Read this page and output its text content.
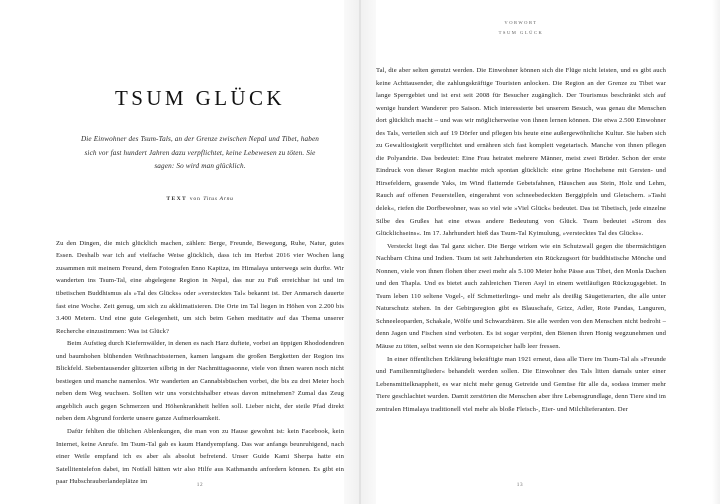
TSUM GLÜCK
Die Einwohner des Tsum-Tals, an der Grenze zwischen Nepal und Tibet, haben sich vor fast hundert Jahren dazu verpflichtet, keine Lebewesen zu töten. Sie sagen: So wird man glücklich.
TEXT von Titus Arnu

Zu den Dingen, die mich glücklich machen, zählen: Berge, Freunde, Bewegung, Ruhe, Natur, gutes Essen. Deshalb war ich auf vielfache Weise glücklich, dass ich im Herbst 2016 vier Wochen lang zusammen mit meinem Freund, dem Fotografen Enno Kapitza, im Himalaya unterwegs sein durfte. Wir wanderten ins Tsum-Tal, eine abgelegene Region in Nepal, das nur zu Fuß erreichbar ist und im tibetischen Buddhismus als »Tal des Glücks« oder »verstecktes Tal« bekannt ist. Der Anmarsch dauerte fast eine Woche. Zeit genug, um sich zu akklimatisieren. Die Orte im Tal liegen in Höhen von 2.200 bis 3.400 Metern. Und eine gute Gelegenheit, um sich beim Gehen meditativ auf das Thema unserer Recherche einzustimmen: Was ist Glück?

Beim Aufstieg durch Kiefernwälder, in denen es nach Harz duftete, vorbei an üppigen Rhododendren und baumhohen blühenden Weihnachtssternen, kamen langsam die großen Bergketten der Region ins Blickfeld. Siebentausender glitzerten silbrig in der Nachmittagssonne, viele von ihnen waren noch nicht bestiegen und manche namenlos. Wir wanderten an Cannabisbüschen vorbei, die bis zu drei Meter hoch neben dem Weg wuchsen. Sollten wir uns vorsichtshalber etwas davon mitnehmen? Zumal das Zeug angeblich auch gegen Schmerzen und Höhenkrankheit helfen soll. Lieber nicht, der steile Pfad direkt neben dem Abgrund forderte unsere ganze Aufmerksamkeit.

Dafür fehlten die üblichen Ablenkungen, die man von zu Hause gewohnt ist: kein Facebook, kein Internet, keine Anrufe. Im Tsum-Tal gab es kaum Handyempfang. Das war anfangs beunruhigend, nach einer Weile empfand ich es aber als absolut befreiend. Unser Guide Kami Sherpa hatte ein Satellitentelefon dabei, im Notfall hätten wir also Hilfe aus Kathmandu anfordern können. Es gibt ein paar Hubschrauberlandeplätze im	12
VORWORT
TSUM GLÜCK

Tal, die aber selten genutzt werden. Die Einwohner können sich die Flüge nicht leisten, und es gibt auch keine Achttausender, die zahlungskräftige Touristen anlocken. Die Region an der Grenze zu Tibet war lange Sperrgebiet und ist erst seit 2008 für Besucher zugänglich. Der Tourismus beschränkt sich auf wenige hundert Wanderer pro Saison. Mich interessierte bei unserem Besuch, was genau die Menschen dort glücklich macht – und was wir möglicherweise von ihnen lernen können. Die etwa 2.500 Einwohner des Tals, verteilen sich auf 19 Dörfer und pflegen bis heute eine außergewöhnliche Kultur. Sie haben sich zu Gewaltlosigkeit verpflichtet und ernähren sich fast komplett vegetarisch. Manche von ihnen pflegen die Polyandrie. Das bedeutet: Eine Frau heiratet mehrere Männer, meist zwei Brüder. Schon der erste Eindruck von dieser Region machte mich spontan glücklich: eine grüne Hochebene mit Gersten- und Hirsefeldern, grasende Yaks, im Wind flatternde Gebetsfahnen, Häuschen aus Stein, Holz und Lehm, Rauch auf offenen Feuerstellen, eingerahmt von schneebedeckten Berggipfeln und Gletschern. »Tashi delek«, riefen die Dorfbewohner, was so viel wie »Viel Glück« bedeutet. Das ist Tibetisch, jede einzelne Silbe des Grußes hat eine etwas andere Bedeutung von Glück. Tsum bedeutet »Strom des Glücklichseins«. Im 17. Jahrhundert hieß das Tsum-Tal Kyimulung, »verstecktes Tal des Glücks«.

Versteckt liegt das Tal ganz sicher. Die Berge wirken wie ein Schutzwall gegen die übermächtigen Nachbarn China und Indien. Tsum ist seit Jahrhunderten ein Rückzugsort für buddhistische Mönche und Nonnen, viele von ihnen flohen über zwei mehr als 5.100 Meter hohe Pässe aus Tibet, den Monla Dachen und den Thapla. Und es bietet auch zahlreichen Tieren Asyl in einem weitläufigen Rückzugsgebiet. In Tsum leben 110 seltene Vogel-, elf Schmetterlings- und mehr als dreißig Säugetierarten, die alle unter Naturschutz stehen. In der Gebirgsregion gibt es Blauschafe, Grizz, Adler, Rote Pandas, Languren, Schneeleoparden, Schakale, Wölfe und Schwarzbären. Sie alle werden von den Menschen nicht bedroht – denn Jagen und Fischen sind verboten. Es ist sogar verpönt, den Bienen ihren Honig wegzunehmen und Mäuse zu töten, selbst wenn sie den Kornspeicher halb leer fressen.

In einer öffentlichen Erklärung bekräftigte man 1921 erneut, dass alle Tiere im Tsum-Tal als »Freunde und Familienmitglieder« behandelt werden sollen. Die Einwohner des Tals litten damals unter einer Lebensmittelknappheit, es war nicht mehr genug Getreide und Gemüse für alle da, sodass immer mehr Tiere geschlachtet wurden. Damit zerstörten die Menschen aber ihre Lebensgrundlage, denn Tiere sind im zentralen Himalaya traditionell viel mehr als bloße Fleisch-, Eier- und Milchlieferanten. Der

13
